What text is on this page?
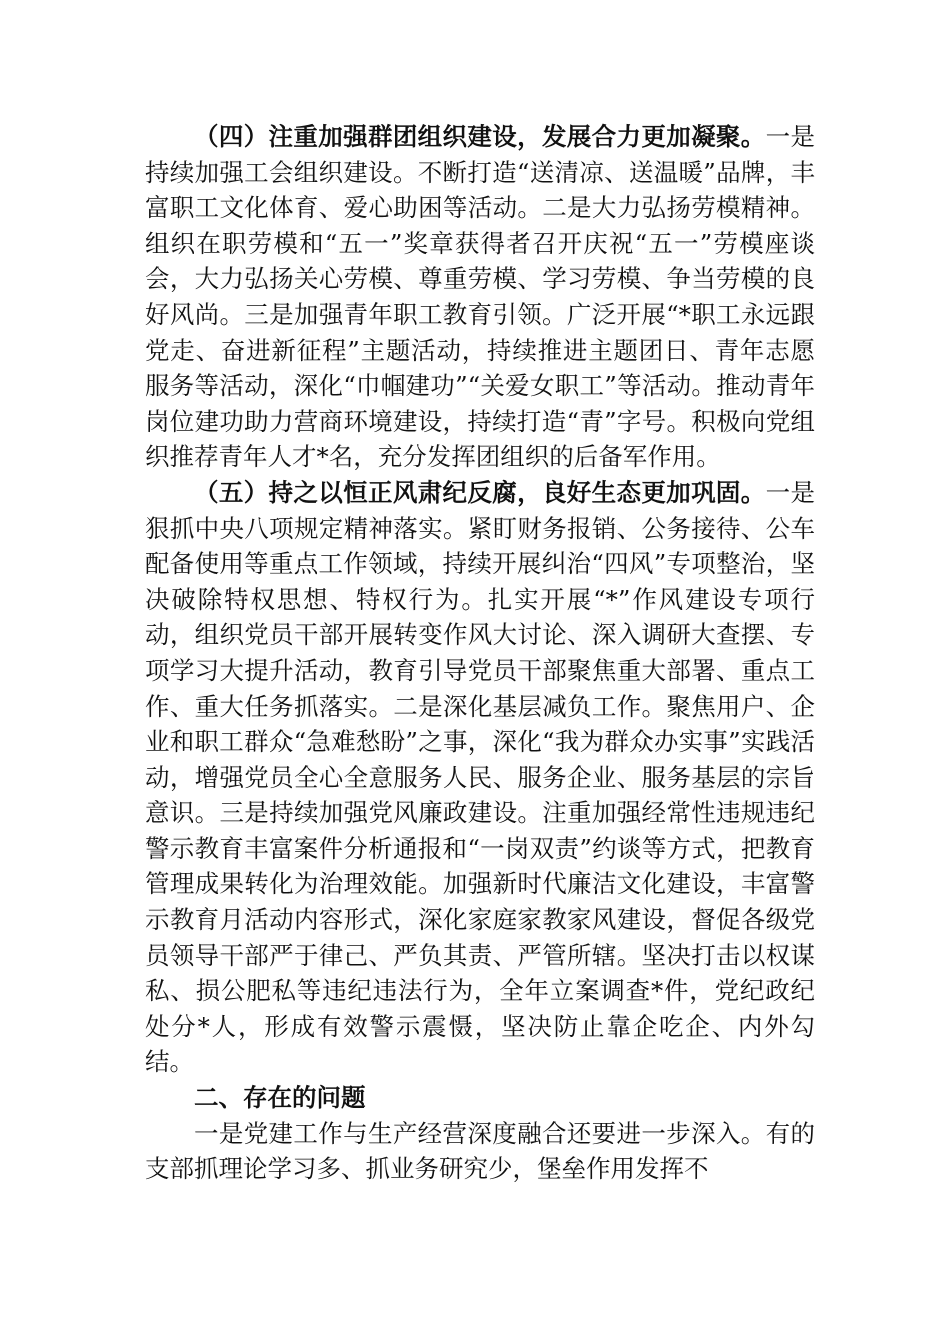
（四）注重加强群团组织建设，发展合力更加凝聚。一是持续加强工会组织建设。不断打造“送清凉、送温暖”品牌，丰富职工文化体育、爱心助困等活动。二是大力弘扬劳模精神。组织在职劳模和“五一”奖章获得者召开庆祝“五一”劳模座谈会，大力弘扬关心劳模、尊重劳模、学习劳模、争当劳模的良好风尚。三是加强青年职工教育引领。广泛开展“*职工永远跟党走、奋进新征程”主题活动，持续推进主题团日、青年志愿服务等活动，深化“巾帼建功”“关爱女职工”等活动。推动青年岗位建功助力营商环境建设，持续打造“青”字号。积极向党组织推荐青年人才*名，充分发挥团组织的后备军作用。

（五）持之以恒正风肃纪反腐，良好生态更加巩固。一是狠抓中央八项规定精神落实。紧盯财务报销、公务接待、公车配备使用等重点工作领域，持续开展纠治“四风”专项整治，坚决破除特权思想、特权行为。扎实开展“*”作风建设专项行动，组织党员干部开展转变作风大讨论、深入调研大查摆、专项学习大提升活动，教育引导党员干部聚焦重大部署、重点工作、重大任务抓落实。二是深化基层减负工作。聚焦用户、企业和职工群众“急难愁盼”之事，深化“我为群众办实事”实践活动，增强党员全心全意服务人民、服务企业、服务基层的宗旨意识。三是持续加强党风廉政建设。注重加强经常性违规违纪警示教育丰富案件分析通报和“一岗双责”约谈等方式，把教育管理成果转化为治理效能。加强新时代廉洁文化建设，丰富警示教育月活动内容形式，深化家庭家教家风建设，督促各级党员领导干部严于律己、严负其责、严管所辖。坚决打击以权谋私、损公肥私等违纪违法行为，全年立案调查*件，党纪政纪处分*人，形成有效警示震慑，坚决防止靠企吃企、内外勾结。

二、存在的问题

一是党建工作与生产经营深度融合还要进一步深入。有的支部抓理论学习多、抓业务研究少，堡垒作用发挥不
